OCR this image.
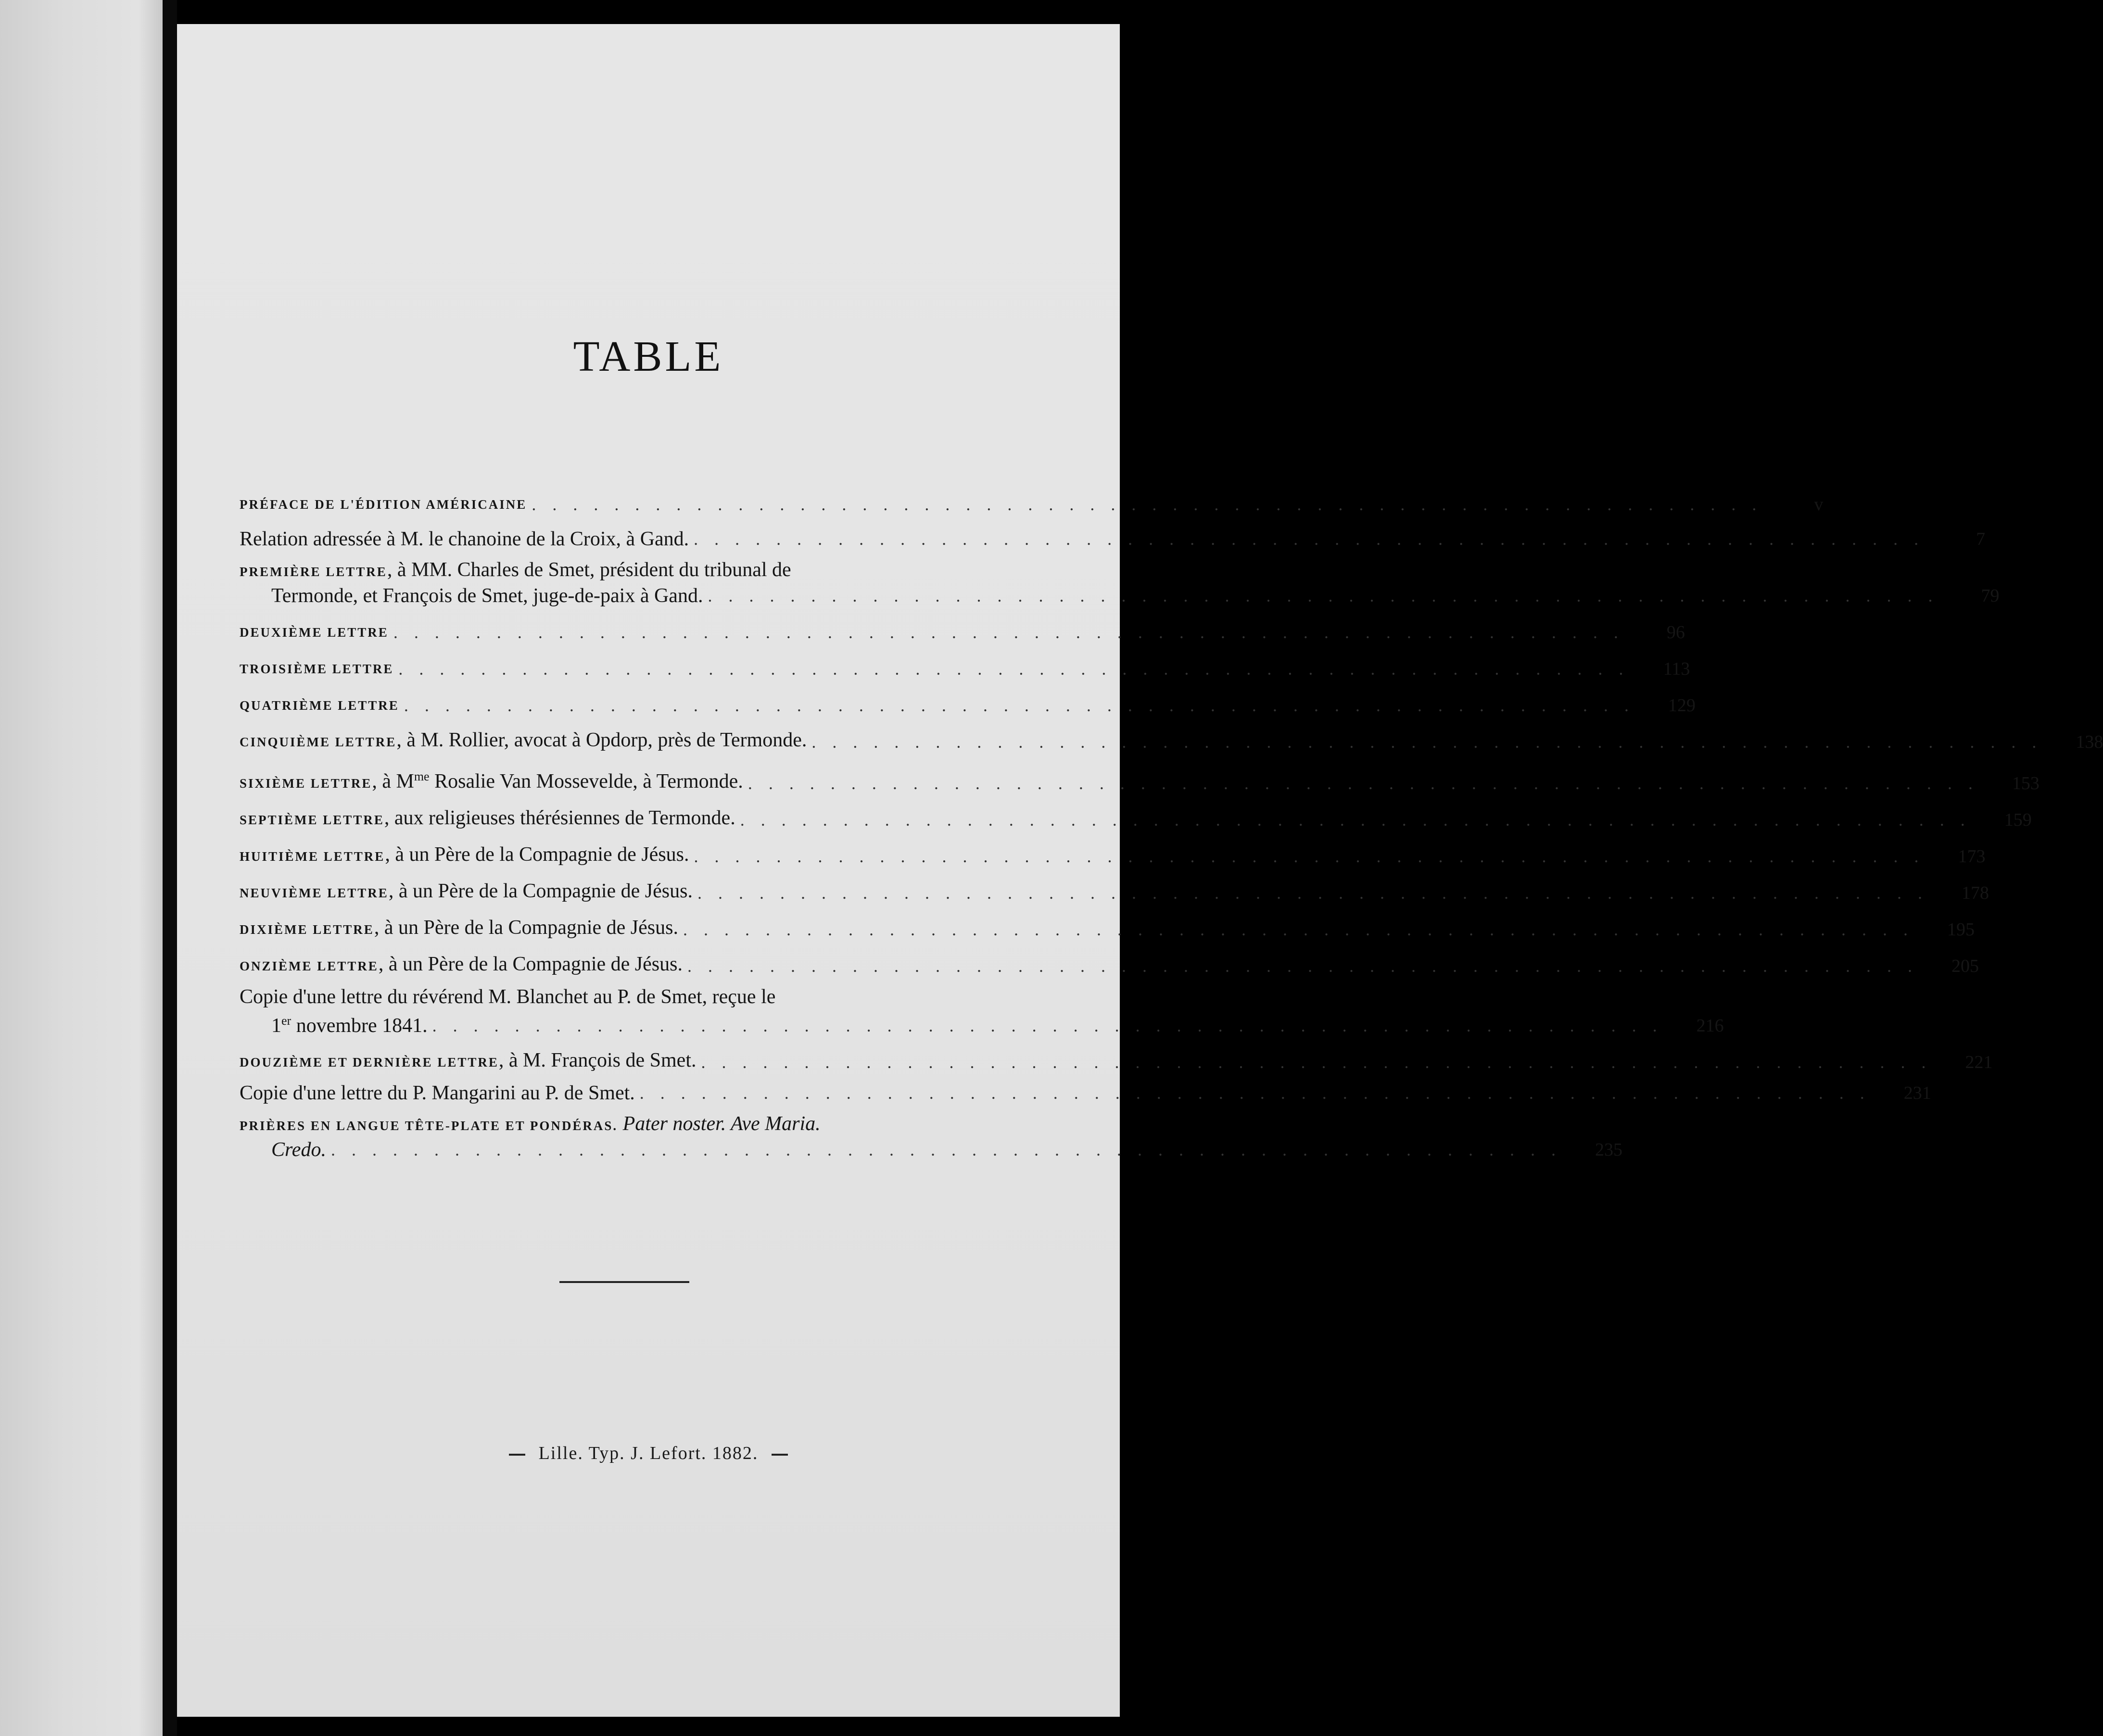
TABLE
PRÉFACE DE L'ÉDITION AMÉRICAINE ............................................................	v
Relation adressée à M. le chanoine de la Croix, à Gand. ............................................................	7
PREMIÈRE LETTRE, à MM. Charles de Smet, président du tribunal de
Termonde, et François de Smet, juge-de-paix à Gand. ............................................................	79
DEUXIÈME LETTRE ............................................................	96
TROISIÈME LETTRE ............................................................	113
QUATRIÈME LETTRE ............................................................	129
CINQUIÈME LETTRE, à M. Rollier, avocat à Opdorp, près de Termonde. ............................................................	138
SIXIÈME LETTRE, à $M^{me}$ Rosalie Van Mossevelde, à Termonde. ............................................................	153
SEPTIÈME LETTRE, aux religieuses thérésiennes de Termonde. ............................................................	159
HUITIÈME LETTRE, à un Père de la Compagnie de Jésus. ............................................................	173
NEUVIÈME LETTRE, à un Père de la Compagnie de Jésus. ............................................................	178
DIXIÈME LETTRE, à un Père de la Compagnie de Jésus. ............................................................	195
ONZIÈME LETTRE, à un Père de la Compagnie de Jésus. ............................................................	205
Copie d'une lettre du révérend M. Blanchet au P. de Smet, reçue le
1er novembre 1841. ............................................................	216
DOUZIÈME ET DERNIÈRE LETTRE, à M. François de Smet. ............................................................	221
Copie d'une lettre du P. Mangarini au P. de Smet. ............................................................	231
PRIÈRES EN LANGUE TÊTE-PLATE ET PONDÉRAS. Pater noster. Ave Maria.
Credo. ............................................................	235
Lille. Typ. J. Lefort. 1882.
